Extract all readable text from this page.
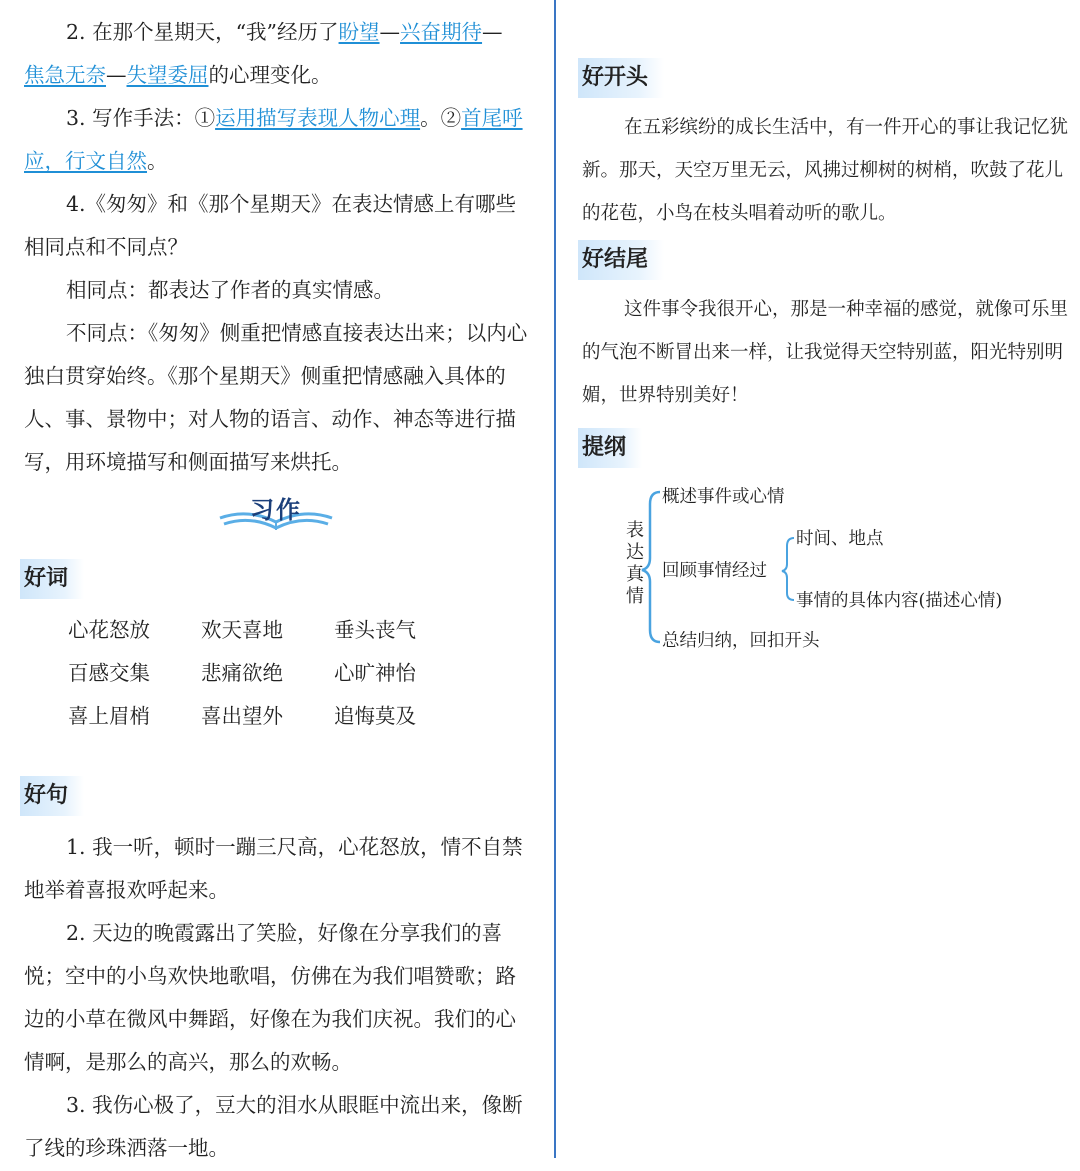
2. 在那个星期天，“我”经历了盼望—兴奋期待—
焦急无奈—失望委屈的心理变化。

3. 写作手法：①运用描写表现人物心理。②首尾呼应，行文自然。

4.《匆匆》和《那个星期天》在表达情感上有哪些相同点和不同点？

相同点：都表达了作者的真实情感。

不同点：《匆匆》侧重把情感直接表达出来；以内心独白贯穿始终。《那个星期天》侧重把情感融入具体的人、事、景物中；对人物的语言、动作、神态等进行描写，用环境描写和侧面描写来烘托。

习作
好词
心花怒放	欢天喜地	垂头丧气
百感交集	悲痛欲绝	心旷神怡
喜上眉梢	喜出望外	追悔莫及
好句

1. 我一听，顿时一蹦三尺高，心花怒放，情不自禁地举着喜报欢呼起来。

2. 天边的晚霞露出了笑脸，好像在分享我们的喜悦；空中的小鸟欢快地歌唱，仿佛在为我们唱赞歌；路边的小草在微风中舞蹈，好像在为我们庆祝。我们的心情啊，是那么的高兴，那么的欢畅。

3. 我伤心极了，豆大的泪水从眼眶中流出来，像断了线的珍珠洒落一地。

好开头

在五彩缤纷的成长生活中，有一件开心的事让我记忆犹新。那天，天空万里无云，风拂过柳树的树梢，吹鼓了花儿的花苞，小鸟在枝头唱着动听的歌儿。

好结尾

这件事令我很开心，那是一种幸福的感觉，就像可乐里的气泡不断冒出来一样，让我觉得天空特别蓝，阳光特别明媚，世界特别美好！

提纲
表达真情
概述事件或心情
回顾事情经过
时间、地点
事情的具体内容(描述心情)
总结归纳，回扣开头
